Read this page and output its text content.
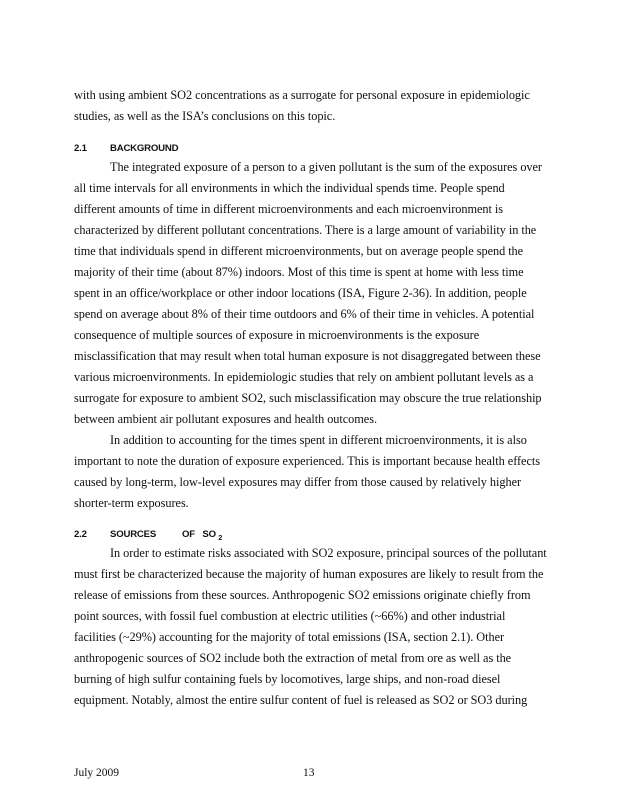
with using ambient SO2 concentrations as a surrogate for personal exposure in epidemiologic
studies, as well as the ISA’s conclusions on this topic.
2.1 BACKGROUND
The integrated exposure of a person to a given pollutant is the sum of the exposures over
all time intervals for all environments in which the individual spends time. People spend
different amounts of time in different microenvironments and each microenvironment is
characterized by different pollutant concentrations. There is a large amount of variability in the
time that individuals spend in different microenvironments, but on average people spend the
majority of their time (about 87%) indoors. Most of this time is spent at home with less time
spent in an office/workplace or other indoor locations (ISA, Figure 2-36). In addition, people
spend on average about 8% of their time outdoors and 6% of their time in vehicles. A potential
consequence of multiple sources of exposure in microenvironments is the exposure
misclassification that may result when total human exposure is not disaggregated between these
various microenvironments. In epidemiologic studies that rely on ambient pollutant levels as a
surrogate for exposure to ambient SO2, such misclassification may obscure the true relationship
between ambient air pollutant exposures and health outcomes.
In addition to accounting for the times spent in different microenvironments, it is also
important to note the duration of exposure experienced. This is important because health effects
caused by long-term, low-level exposures may differ from those caused by relatively higher
shorter-term exposures.
2.2 SOURCES	OF SO $_2$
In order to estimate risks associated with SO2 exposure, principal sources of the pollutant
must first be characterized because the majority of human exposures are likely to result from the
release of emissions from these sources. Anthropogenic SO2 emissions originate chiefly from
point sources, with fossil fuel combustion at electric utilities (~66%) and other industrial
facilities (~29%) accounting for the majority of total emissions (ISA, section 2.1). Other
anthropogenic sources of SO2 include both the extraction of metal from ore as well as the
burning of high sulfur containing fuels by locomotives, large ships, and non-road diesel
equipment. Notably, almost the entire sulfur content of fuel is released as SO2 or SO3 during
July 2009	13
